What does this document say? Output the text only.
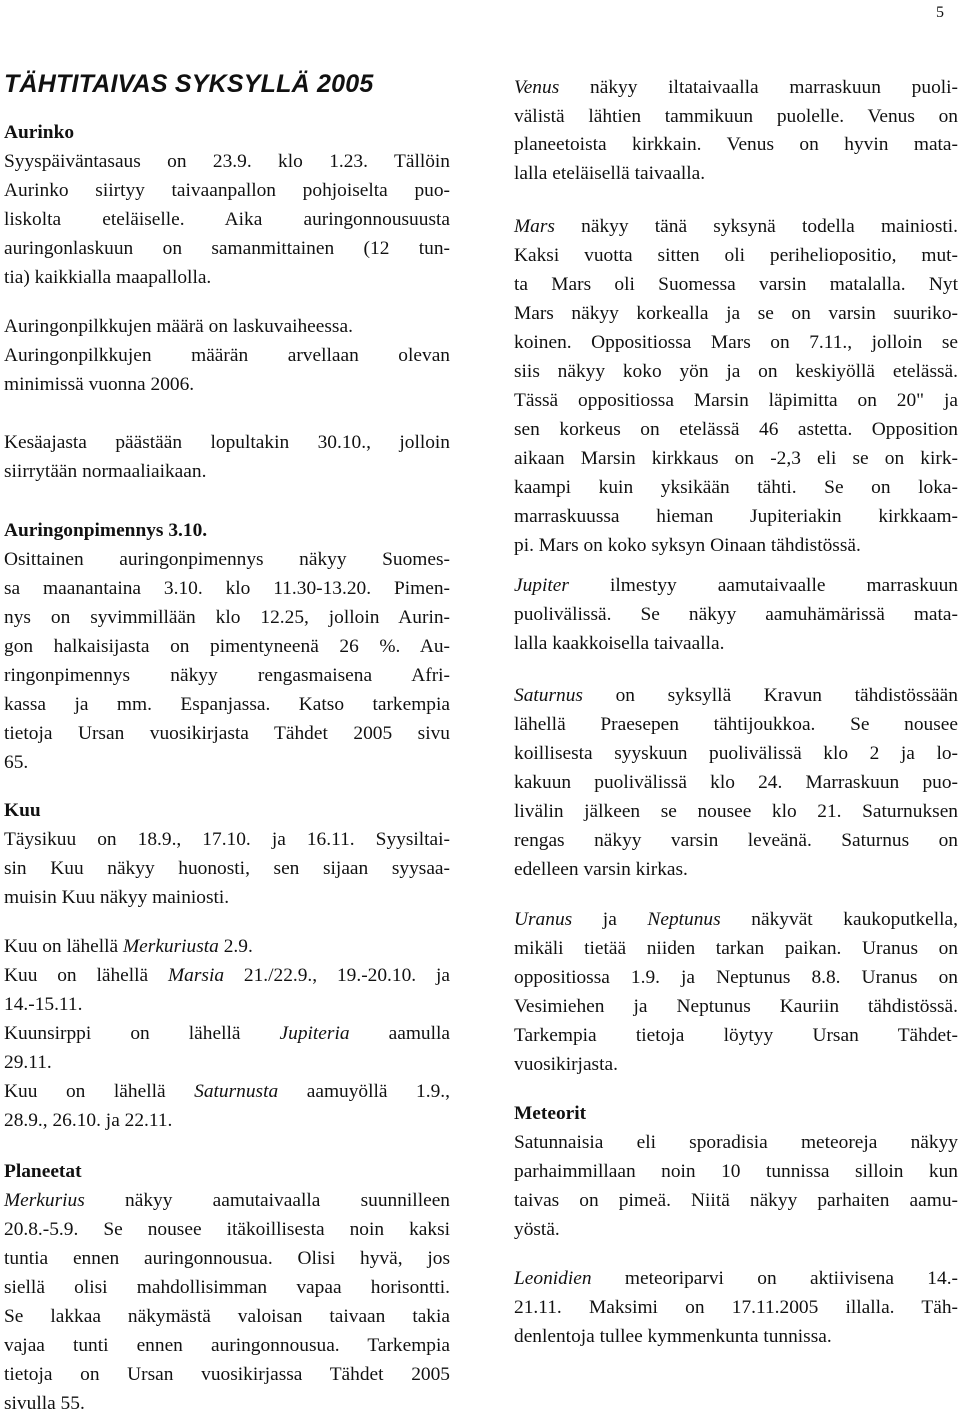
5
TÄHTITAIVAS SYKSYLLÄ 2005
Aurinko
Syyspäiväntasaus on 23.9. klo 1.23. Tällöin
Aurinko siirtyy taivaanpallon pohjoiselta puo-
liskolta eteläiselle. Aika auringonnousuusta
auringonlaskuun on samanmittainen (12 tun-
tia) kaikkialla maapallolla.
Auringonpilkkujen määrä on laskuvaiheessa.
Auringonpilkkujen määrän arvellaan olevan
minimissä vuonna 2006.
Kesäajasta päästään lopultakin 30.10., jolloin
siirrytään normaaliaikaan.
Auringonpimennys 3.10.
Osittainen auringonpimennys näkyy Suomes-
sa maanantaina 3.10. klo 11.30-13.20. Pimen-
nys on syvimmillään klo 12.25, jolloin Aurin-
gon halkaisijasta on pimentyneenä 26 %. Au-
ringonpimennys näkyy rengasmaisena Afri-
kassa ja mm. Espanjassa. Katso tarkempia
tietoja Ursan vuosikirjasta Tähdet 2005 sivu
65.
Kuu
Täysikuu on 18.9., 17.10. ja 16.11. Syysiltai-
sin Kuu näkyy huonosti, sen sijaan syysaa-
muisin Kuu näkyy mainiosti.
Kuu on lähellä Merkuriusta 2.9.
Kuu on lähellä Marsia 21./22.9., 19.-20.10. ja
14.-15.11.
Kuunsirppi on lähellä Jupiteria aamulla
29.11.
Kuu on lähellä Saturnusta aamuyöllä 1.9.,
28.9., 26.10. ja 22.11.
Planeetat
Merkurius näkyy aamutaivaalla suunnilleen
20.8.-5.9. Se nousee itäkoillisesta noin kaksi
tuntia ennen auringonnousua. Olisi hyvä, jos
siellä olisi mahdollisimman vapaa horisontti.
Se lakkaa näkymästä valoisan taivaan takia
vajaa tunti ennen auringonnousua. Tarkempia
tietoja on Ursan vuosikirjassa Tähdet 2005
sivulla 55.
Venus näkyy iltataivaalla marraskuun puoli-
välistä lähtien tammikuun puolelle. Venus on
planeetoista kirkkain. Venus on hyvin mata-
lalla eteläisellä taivaalla.
Mars näkyy tänä syksynä todella mainiosti.
Kaksi vuotta sitten oli periheliopositio, mut-
ta Mars oli Suomessa varsin matalalla. Nyt
Mars näkyy korkealla ja se on varsin suuriko-
koinen. Oppositiossa Mars on 7.11., jolloin se
siis näkyy koko yön ja on keskiyöllä etelässä.
Tässä oppositiossa Marsin läpimitta on 20" ja
sen korkeus on etelässä 46 astetta. Opposition
aikaan Marsin kirkkaus on -2,3 eli se on kirk-
kaampi kuin yksikään tähti. Se on loka-
marraskuussa hieman Jupiteriakin kirkkaam-
pi. Mars on koko syksyn Oinaan tähdistössä.
Jupiter ilmestyy aamutaivaalle marraskuun
puolivälissä. Se näkyy aamuhämärissä mata-
lalla kaakkoisella taivaalla.
Saturnus on syksyllä Kravun tähdistössään
lähellä Praesepen tähtijoukkoa. Se nousee
koillisesta syyskuun puolivälissä klo 2 ja lo-
kakuun puolivälissä klo 24. Marraskuun puo-
livälin jälkeen se nousee klo 21. Saturnuksen
rengas näkyy varsin leveänä. Saturnus on
edelleen varsin kirkas.
Uranus ja Neptunus näkyvät kaukoputkella,
mikäli tietää niiden tarkan paikan. Uranus on
oppositiossa 1.9. ja Neptunus 8.8. Uranus on
Vesimiehen ja Neptunus Kauriin tähdistössä.
Tarkempia tietoja löytyy Ursan Tähdet-
vuosikirjasta.
Meteorit
Satunnaisia eli sporadisia meteoreja näkyy
parhaimmillaan noin 10 tunnissa silloin kun
taivas on pimeä. Niitä näkyy parhaiten aamu-
yöstä.
Leonidien meteoriparvi on aktiivisena 14.-
21.11. Maksimi on 17.11.2005 illalla. Täh-
denlentoja tullee kymmenkunta tunnissa.
